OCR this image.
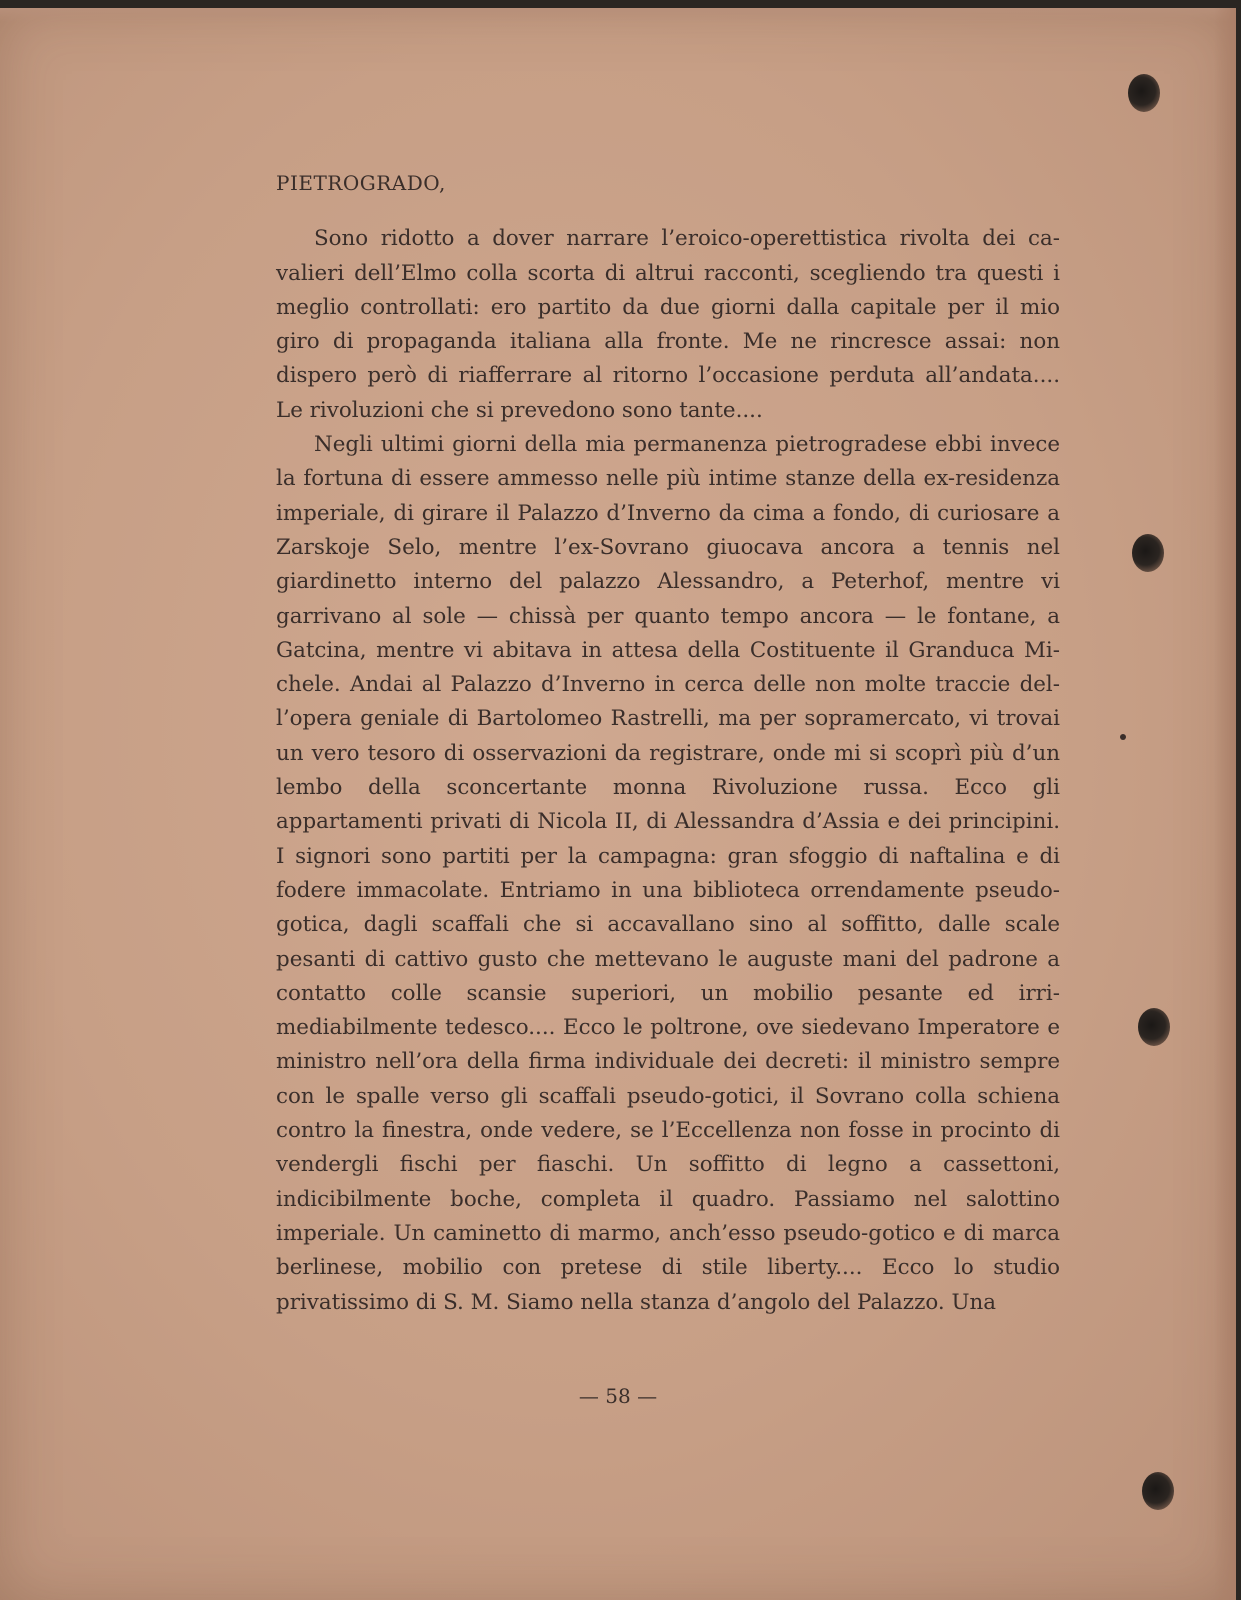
PIETROGRADO,

Sono ridotto a dover narrare l’eroico-operettistica rivolta dei cavalieri dell’Elmo colla scorta di altrui racconti, scegliendo tra questi i meglio controllati: ero partito da due giorni dalla capitale per il mio giro di propaganda italiana alla fronte. Me ne rincresce assai: non dispero però di riafferrare al ritorno l’occasione perduta all’andata.... Le rivoluzioni che si prevedono sono tante....

Negli ultimi giorni della mia permanenza pietrogradese ebbi invece la fortuna di essere ammesso nelle più intime stanze della ex-residenza imperiale, di girare il Palazzo d’Inverno da cima a fondo, di curiosare a Zarskoje Selo, mentre l’ex-Sovrano giuocava ancora a tennis nel giardinetto interno del palazzo Alessandro, a Peterhof, mentre vi garrivano al sole — chissà per quanto tempo ancora — le fontane, a Gatcina, mentre vi abitava in attesa della Costituente il Granduca Michele. Andai al Palazzo d’Inverno in cerca delle non molte traccie dell’opera geniale di Bartolomeo Rastrelli, ma per sopramercato, vi trovai un vero tesoro di osservazioni da registrare, onde mi si scoprì più d’un lembo della sconcertante monna Rivoluzione russa. Ecco gli appartamenti privati di Nicola II, di Alessandra d’Assia e dei principini. I signori sono partiti per la campagna: gran sfoggio di naftalina e di fodere immacolate. Entriamo in una biblioteca orrendamente pseudo-gotica, dagli scaffali che si accavallano sino al soffitto, dalle scale pesanti di cattivo gusto che mettevano le auguste mani del padrone a contatto colle scansie superiori, un mobilio pesante ed irrimediabilmente tedesco.... Ecco le poltrone, ove siedevano Imperatore e ministro nell’ora della firma individuale dei decreti: il ministro sempre con le spalle verso gli scaffali pseudo-gotici, il Sovrano colla schiena contro la finestra, onde vedere, se l’Eccellenza non fosse in procinto di vendergli fischi per fiaschi. Un soffitto di legno a cassettoni, indicibilmente boche, completa il quadro. Passiamo nel salottino imperiale. Un caminetto di marmo, anch’esso pseudo-gotico e di marca berlinese, mobilio con pretese di stile liberty.... Ecco lo studio privatissimo di S. M. Siamo nella stanza d’angolo del Palazzo. Una

— 58 —
